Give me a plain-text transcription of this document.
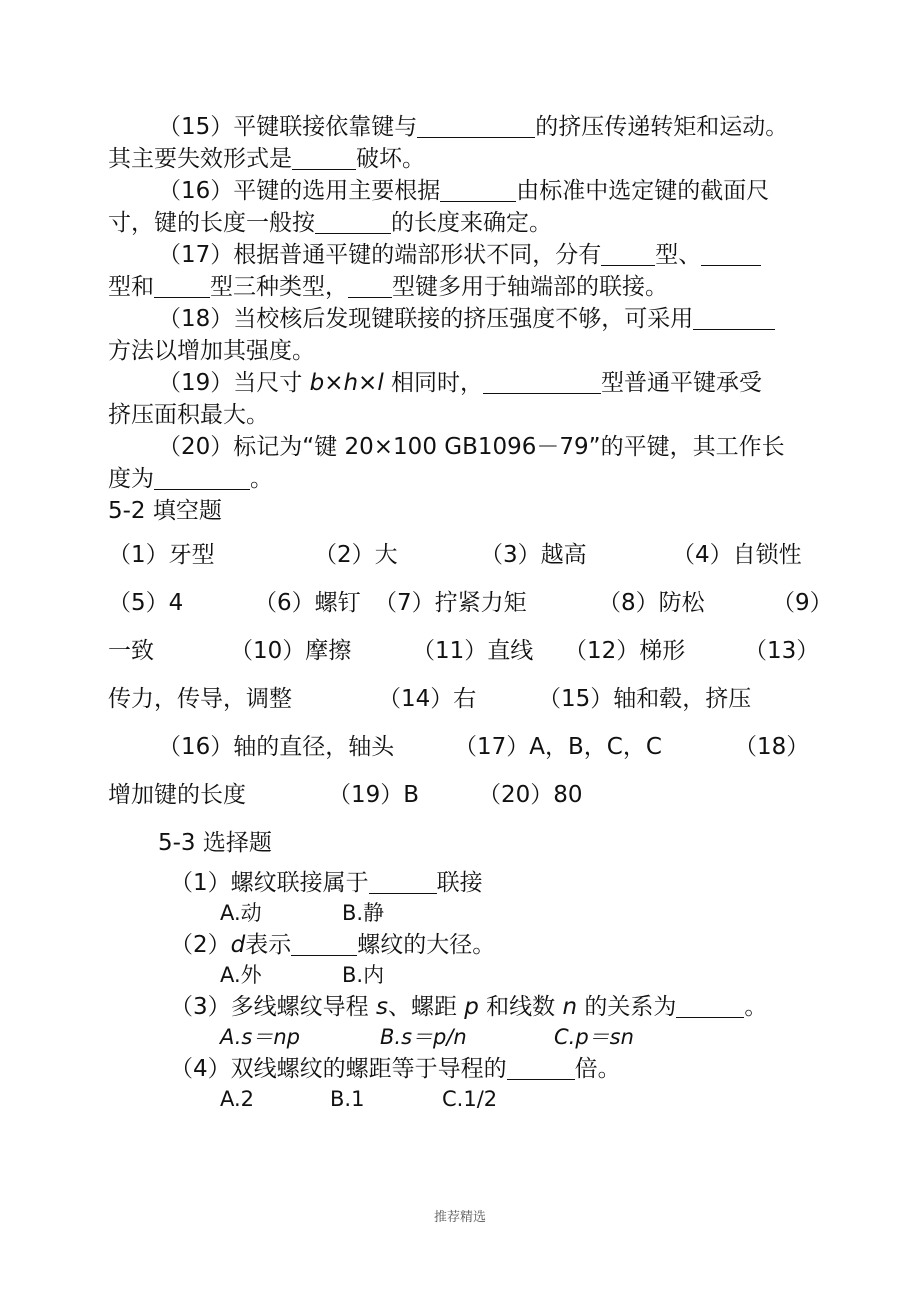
（15）平键联接依靠键与	的挤压传递转矩和运动。
其主要失效形式是	破坏。
（16）平键的选用主要根据	由标准中选定键的截面尺
寸，键的长度一般按	的长度来确定。
（17）根据普通平键的端部形状不同，分有 型、
型和 型三种类型， 型键多用于轴端部的联接。
（18）当校核后发现键联接的挤压强度不够，可采用
方法以增加其强度。
（19）当尺寸 b×h×l 相同时，	型普通平键承受
挤压面积最大。
（20）标记为“键 20×100 GB1096－79”的平键，其工作长
度为	。
5-2 填空题
（1）牙型	（2）大	（3）越高	（4）自锁性
（5）4	（6）螺钉 （7）拧紧力矩	（8）防松	（9）
一致	（10）摩擦	（11）直线 （12）梯形	（13）
传力，传导，调整	（14）右	（15）轴和毂，挤压
（16）轴的直径，轴头	（17）A，B，C，C	（18）
增加键的长度	（19）B	（20）80
5-3 选择题
（1）螺纹联接属于	联接
A.动	B.静
（2）d表示	螺纹的大径。
A.外	B.内
（3）多线螺纹导程 s、螺距 p 和线数 n 的关系为	。
A.s＝np	B.s＝p/n	C.p＝sn
（4）双线螺纹的螺距等于导程的	倍。
A.2	B.1	C.1/2
推荐精选
